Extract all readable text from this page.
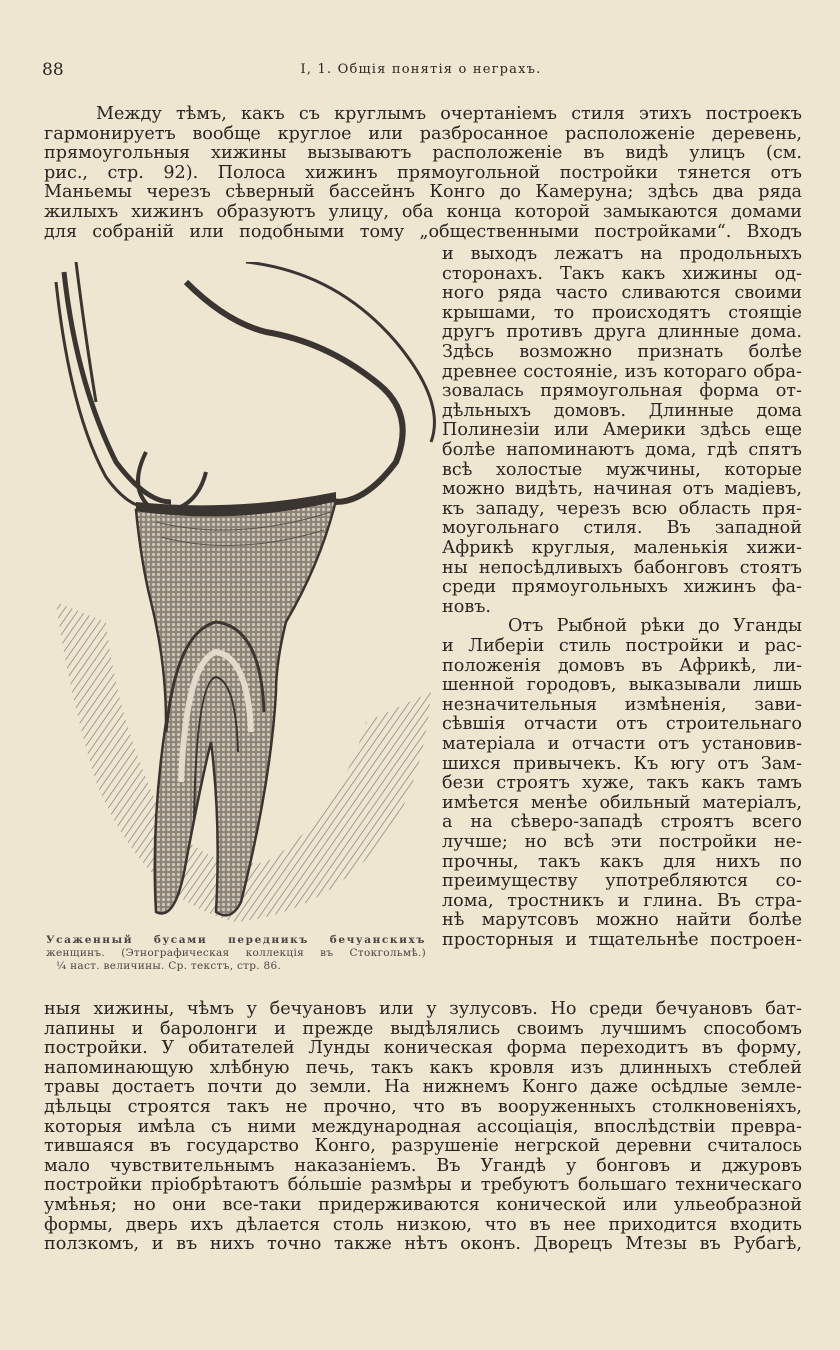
88	I, 1. Общія понятія о неграхъ.
Между тѣмъ, какъ съ круглымъ очертаніемъ стиля этихъ построекъ
гармонируетъ вообще круглое или разбросанное расположеніе деревень,
прямоугольныя хижины вызываютъ расположеніе въ видѣ улицъ (см.
рис., стр. 92). Полоса хижинъ прямоугольной постройки тянется отъ
Маньемы черезъ сѣверный бассейнъ Конго до Камеруна; здѣсь два ряда
жилыхъ хижинъ образуютъ улицу, оба конца которой замыкаются домами
для собраній или подобными тому „общественными постройками“. Входъ
и выходъ лежатъ на продольныхъ
сторонахъ. Такъ какъ хижины од-
ного ряда часто сливаются своими
крышами, то происходятъ стоящіе
другъ противъ друга длинные дома.
Здѣсь возможно признать болѣе
древнее состояніе, изъ котораго обра-
зовалась прямоугольная форма от-
дѣльныхъ домовъ. Длинные дома
Полинезіи или Америки здѣсь еще
болѣе напоминаютъ дома, гдѣ спятъ
всѣ холостые мужчины, которые
можно видѣть, начиная отъ мадіевъ,
къ западу, черезъ всю область пря-
моугольнаго стиля. Въ западной
Африкѣ круглыя, маленькія хижи-
ны непосѣдливыхъ бабонговъ стоятъ
среди прямоугольныхъ хижинъ фа-
новъ.
Отъ Рыбной рѣки до Уганды
и Либеріи стиль постройки и рас-
положенія домовъ въ Африкѣ, ли-
шенной городовъ, выказывали лишь
незначительныя измѣненія, зави-
сѣвшія отчасти отъ строительнаго
матеріала и отчасти отъ установив-
шихся привычекъ. Къ югу отъ Зам-
бези строятъ хуже, такъ какъ тамъ
имѣется менѣе обильный матеріалъ,
а на сѣверо-западѣ строятъ всего
лучше; но всѣ эти постройки не-
прочны, такъ какъ для нихъ по
преимуществу употребляются со-
лома, тростникъ и глина. Въ стра-
нѣ марутсовъ можно найти болѣе
просторныя и тщательнѣе построен-
ныя хижины, чѣмъ у бечуановъ или у зулусовъ. Но среди бечуановъ бат-
лапины и баролонги и прежде выдѣлялись своимъ лучшимъ способомъ
постройки. У обитателей Лунды коническая форма переходитъ въ форму,
напоминающую хлѣбную печь, такъ какъ кровля изъ длинныхъ стеблей
травы достаетъ почти до земли. На нижнемъ Конго даже осѣдлые земле-
дѣльцы строятся такъ не прочно, что въ вооруженныхъ столкновеніяхъ,
которыя имѣла съ ними международная ассоціація, впослѣдствіи превра-
тившаяся въ государство Конго, разрушеніе негрской деревни считалось
мало чувствительнымъ наказаніемъ. Въ Угандѣ у бонговъ и джуровъ
постройки пріобрѣтаютъ бóльшіе размѣры и требуютъ большаго техническаго
умѣнья; но они все-таки придерживаются конической или ульеобразной
формы, дверь ихъ дѣлается столь низкою, что въ нее приходится входить
ползкомъ, и въ нихъ точно также нѣтъ оконъ. Дворецъ Мтезы въ Рубагѣ,
Усаженный бусами передникъ бечуанскихъ
женщинъ. (Этнографическая коллекція въ Стокгольмѣ.)
¼ наст. величины. Ср. текстъ, стр. 86.
